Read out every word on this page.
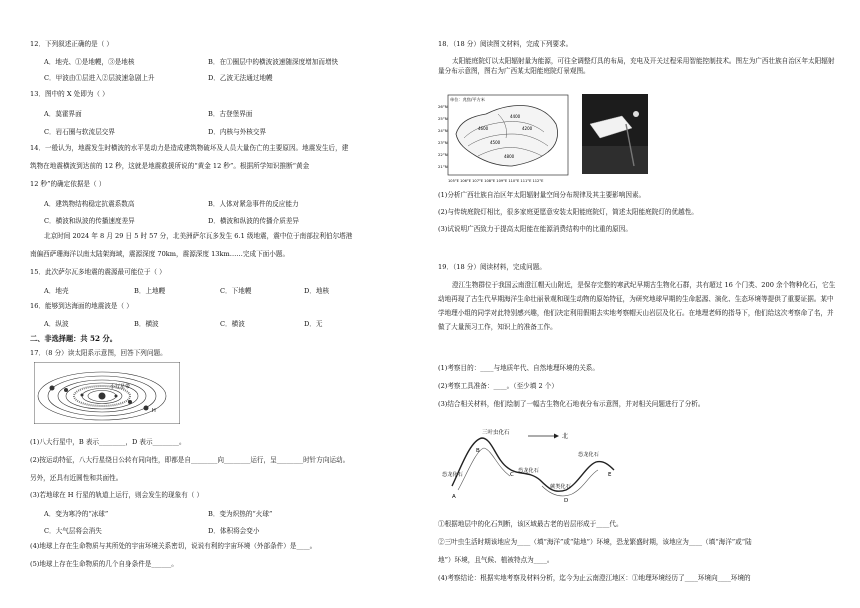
12．下列叙述正确的是（ ）
A．地壳、①是地幔，③是地核	B．在①圈层中的横波波速随深度增加而增快
C．甲波由①层进入②层波速急剧上升	D．乙波无法通过地幔
13．图中的 X 处即为（ ）
A．莫霍界面	B．古登堡界面
C．岩石圈与软流层交界	D．内核与外核交界
14．一般认为，地震发生时横波的水平晃动力是造成建筑物破坏及人员大量伤亡的主要原因。地震发生后，建
筑物在地震横波到达前的 12 秒，这就是地震救援所说的“黄金 12 秒”。根据所学知识推断“黄金
12 秒”的确定依据是（ ）
A．建筑物结构稳定抗震系数高	B．人体对紧急事件的反应能力
C．横波和纵波的传播速度差异	D．横波和纵波的传播介质差异
北京时间 2024 年 8 月 29 日 5 时 57 分，北美洲萨尔瓦多发生 6.1 级地震，震中位于南部拉利伯尔塔港
南偏西萨珊海洋以南太陆架海域，震源深度 70km，震源深度 13km……完成下面小题。
15．此次萨尔瓦多地震的震源最可能位于（ ）
A．地壳	B．上地幔	C．下地幔	D．地核
16．能够到达海面的地震波是（ ）
A．纵波	B．横波	C．横波	D．无
二、非选择题：共 52 分。
17．（8 分）读太阳系示意图，回答下列问题。
小行星带
H
(1)八大行星中，B 表示________，D 表示________。
(2)按运动特征，八大行星绕日公转有同向性，即都是自________向________运行，呈________时针方向运动。
另外，还具有近圆性和共面性。
(3)若地球在 H 行星的轨道上运行，则会发生的现象有（ ）
A．变为寒冷的“冰球”	B．变为炽热的“火球”
C．大气层将会消失	D．体积将会变小
(4)地球上存在生命物质与其所处的宇宙环境关系密切，说说有利的宇宙环境（外部条件）是____。
(5)地球上存在生命物质的几个自身条件是______。
18．（18 分）阅读图文材料，完成下列要求。
太阳能庭院灯以太阳辐射量为能源，可往全调整灯具的布局，充电及开关过程采用智能控制技术。图左为广西壮族自治区年太阳辐射量分布示意图，图右为广西某太阳能庭院灯景观图。
单位：兆焦/平方米
26°N
25°N
24°N
23°N
22°N
21°N
4600
4400
4200
4500
4800
105°E 106°E 107°E 108°E 109°E 110°E 111°E 112°E
(1)分析广西壮族自治区年太阳辐射量空间分布规律及其主要影响因素。
(2)与传统庭院灯相比，很多家庭更愿意安装太阳能庭院灯，简述太阳能庭院灯的优越性。
(3)试说明广西致力于提高太阳能在能源消费结构中的比重的原因。
19．（18 分）阅读材料，完成问题。
澄江生物群位于我国云南澄江帽天山附近，是保存完整的寒武纪早期古生物化石群，共有超过 16 个门类、200 余个物种化石，它生动地再现了古生代早期海洋生命壮丽景观和现生动物的原始特征，为研究地球早期的生命起源、演化、生态环境等提供了重要证据。某中学地理小组的同学对此特别感兴趣，他们决定利用假期去实地考察帽天山岩层及化石。在地理老师的指导下，他们给这次考察命了名，并做了大量预习工作，知识上的准备工作。
(1)考察目的：____与地质年代、自然地理环境的关系。
(2)考察工具准备：____。（至少填 2 个）
(3)结合相关材料，他们绘制了一幅古生物化石地表分布示意图，并对相关问题进行了分析。
北
三叶虫化石
恐龙化石
恐龙化石
恐龙化石
蕨类化石
A
B
C
D
E
①根据地层中的化石判断，该区域最古老的岩层形成于____代。
②三叶虫生活时期该地应为____（填“海洋”或“陆地”）环境，恐龙繁盛时期，该地应为____（填“海洋”或“陆
地”）环境，且气候、植被特点为____。
(4)考察结论：根据实地考察及材料分析，迄今为止云南澄江地区：①地理环境经历了____环境向____环境的
